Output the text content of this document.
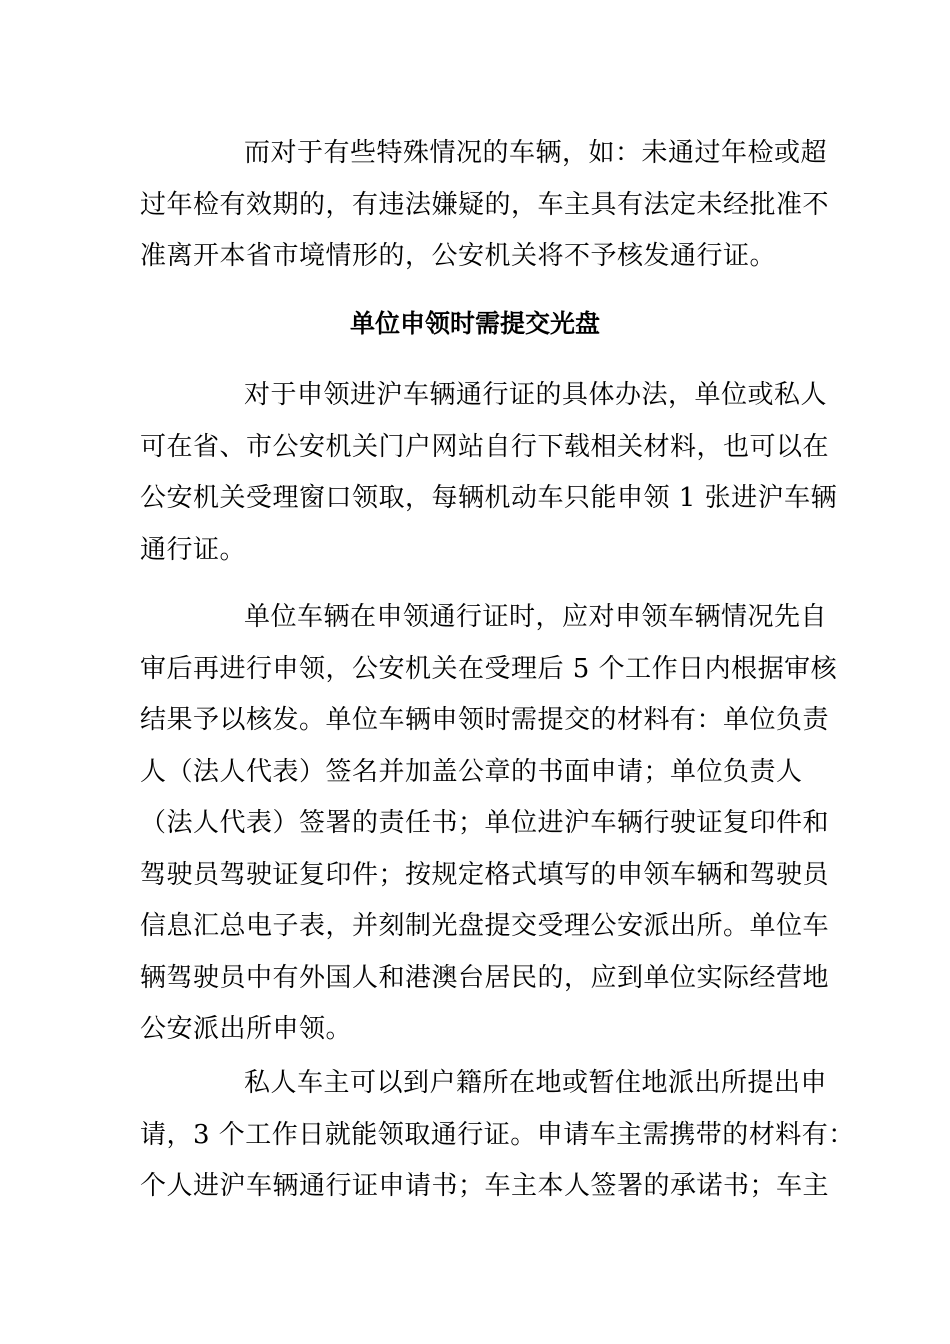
而对于有些特殊情况的车辆，如：未通过年检或超
过年检有效期的，有违法嫌疑的，车主具有法定未经批准不
准离开本省市境情形的，公安机关将不予核发通行证。

单位申领时需提交光盘

对于申领进沪车辆通行证的具体办法，单位或私人
可在省、市公安机关门户网站自行下载相关材料，也可以在
公安机关受理窗口领取，每辆机动车只能申领 1 张进沪车辆
通行证。

单位车辆在申领通行证时，应对申领车辆情况先自
审后再进行申领，公安机关在受理后 5 个工作日内根据审核
结果予以核发。单位车辆申领时需提交的材料有：单位负责
人（法人代表）签名并加盖公章的书面申请；单位负责人
（法人代表）签署的责任书；单位进沪车辆行驶证复印件和
驾驶员驾驶证复印件；按规定格式填写的申领车辆和驾驶员
信息汇总电子表，并刻制光盘提交受理公安派出所。单位车
辆驾驶员中有外国人和港澳台居民的，应到单位实际经营地
公安派出所申领。

私人车主可以到户籍所在地或暂住地派出所提出申
请，3 个工作日就能领取通行证。申请车主需携带的材料有：
个人进沪车辆通行证申请书；车主本人签署的承诺书；车主
